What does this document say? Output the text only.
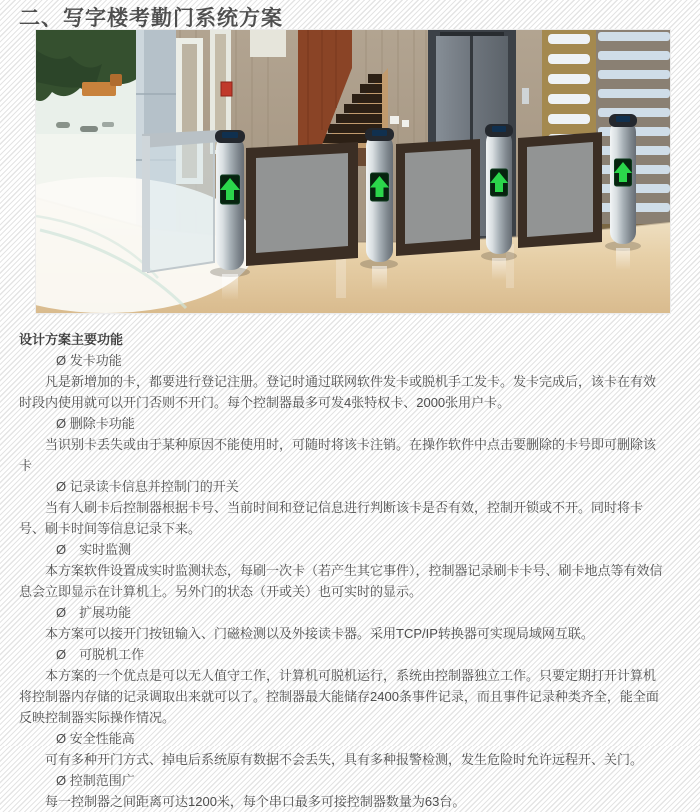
二、写字楼考勤门系统方案

设计方案主要功能

Ø 发卡功能

凡是新增加的卡，都要进行登记注册。登记时通过联网软件发卡或脱机手工发卡。发卡完成后，该卡在有效时段内使用就可以开门否则不开门。每个控制器最多可发4张特权卡、2000张用户卡。

Ø 删除卡功能

当识别卡丢失或由于某种原因不能使用时，可随时将该卡注销。在操作软件中点击要删除的卡号即可删除该卡

Ø 记录读卡信息并控制门的开关

当有人刷卡后控制器根据卡号、当前时间和登记信息进行判断该卡是否有效，控制开锁或不开。同时将卡号、刷卡时间等信息记录下来。

Ø　实时监测

本方案软件设置成实时监测状态，每刷一次卡（若产生其它事件），控制器记录刷卡卡号、刷卡地点等有效信息会立即显示在计算机上。另外门的状态（开或关）也可实时的显示。

Ø　扩展功能

本方案可以接开门按钮输入、门磁检测以及外接读卡器。采用TCP/IP转换器可实现局域网互联。

Ø　可脱机工作

本方案的一个优点是可以无人值守工作，计算机可脱机运行，系统由控制器独立工作。只要定期打开计算机将控制器内存储的记录调取出来就可以了。控制器最大能储存2400条事件记录，而且事件记录种类齐全，能全面反映控制器实际操作情况。

Ø 安全性能高

可有多种开门方式、掉电后系统原有数据不会丢失，具有多种报警检测，发生危险时允许远程开、关门。

Ø 控制范围广

每一控制器之间距离可达1200米，每个串口最多可接控制器数量为63台。
